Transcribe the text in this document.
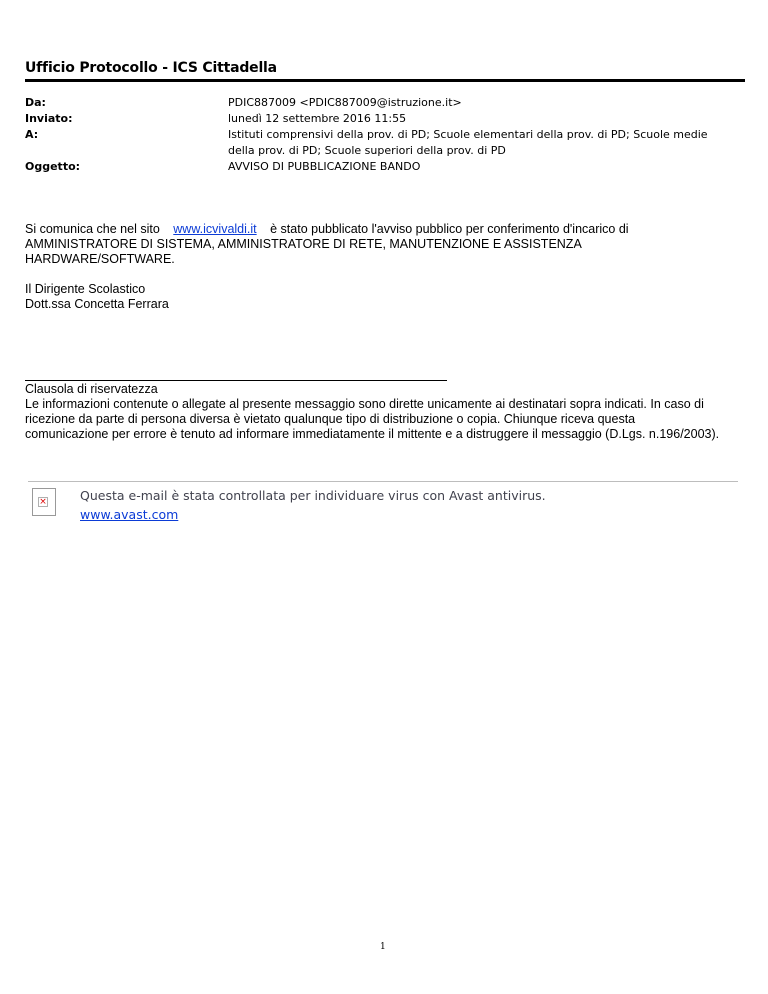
Ufficio Protocollo - ICS Cittadella
Da:	PDIC887009 <PDIC887009@istruzione.it>
Inviato:	lunedì 12 settembre 2016 11:55
A:	Istituti comprensivi della prov. di PD; Scuole elementari della prov. di PD; Scuole medie
della prov. di PD; Scuole superiori della prov. di PD
Oggetto:	AVVISO DI PUBBLICAZIONE BANDO
Si comunica che nel sito www.icvivaldi.it è stato pubblicato l'avviso pubblico per conferimento d'incarico di
AMMINISTRATORE DI SISTEMA, AMMINISTRATORE DI RETE, MANUTENZIONE E ASSISTENZA
HARDWARE/SOFTWARE.
Il Dirigente Scolastico
Dott.ssa Concetta Ferrara
Clausola di riservatezza
Le informazioni contenute o allegate al presente messaggio sono dirette unicamente ai destinatari sopra indicati. In caso di
ricezione da parte di persona diversa è vietato qualunque tipo di distribuzione o copia. Chiunque riceva questa
comunicazione per errore è tenuto ad informare immediatamente il mittente e a distruggere il messaggio (D.Lgs. n.196/2003).
×	Questa e-mail è stata controllata per individuare virus con Avast antivirus.
www.avast.com
1
